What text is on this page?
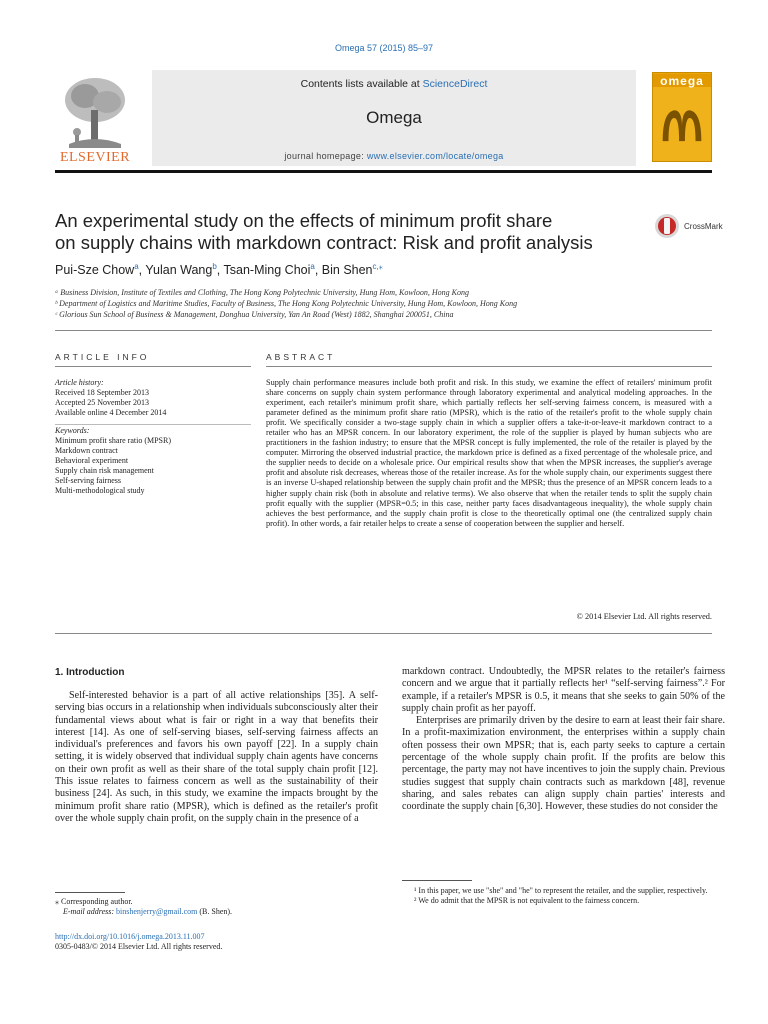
Omega 57 (2015) 85–97
Contents lists available at ScienceDirect
Omega
journal homepage: www.elsevier.com/locate/omega
ELSEVIER
omega
An experimental study on the effects of minimum profit share
on supply chains with markdown contract: Risk and profit analysis
CrossMark
Pui-Sze Chow$^a$, Yulan Wang$^b$, Tsan-Ming Choi$^a$, Bin Shen$^{c,⁎}$
ᵃ Business Division, Institute of Textiles and Clothing, The Hong Kong Polytechnic University, Hung Hom, Kowloon, Hong Kong
ᵇ Department of Logistics and Maritime Studies, Faculty of Business, The Hong Kong Polytechnic University, Hung Hom, Kowloon, Hong Kong
ᶜ Glorious Sun School of Business & Management, Donghua University, Yan An Road (West) 1882, Shanghai 200051, China
ARTICLE INFO	ABSTRACT
Article history:
Received 18 September 2013
Accepted 25 November 2013
Available online 4 December 2014
Keywords:
Minimum profit share ratio (MPSR)
Markdown contract
Behavioral experiment
Supply chain risk management
Self-serving fairness
Multi-methodological study
Supply chain performance measures include both profit and risk. In this study, we examine the effect of retailers' minimum profit share concerns on supply chain system performance through laboratory experimental and analytical modeling approaches. In the experiment, each retailer's minimum profit share, which partially reflects her self-serving fairness concern, is measured with a parameter defined as the minimum profit share ratio (MPSR), which is the ratio of the retailer's profit to the whole supply chain profit. We specifically consider a two-stage supply chain in which a supplier offers a take-it-or-leave-it markdown contract to a retailer who has an MPSR concern. In our laboratory experiment, the role of the supplier is played by human subjects who are practitioners in the fashion industry; to ensure that the MPSR concept is fully implemented, the role of the retailer is played by the computer. Mirroring the observed industrial practice, the markdown price is defined as a fixed percentage of the wholesale price, and the supplier needs to decide on a wholesale price. Our empirical results show that when the MPSR increases, the supplier's average profit and absolute risk decreases, whereas those of the retailer increase. As for the whole supply chain, our experiments suggest there is an inverse U-shaped relationship between the supply chain profit and the MPSR; thus the presence of an MPSR concern leads to a higher supply chain risk (both in absolute and relative terms). We also observe that when the retailer tends to split the supply chain profit equally with the supplier (MPSR=0.5; in this case, neither party faces disadvantageous inequality), the whole supply chain achieves the best performance, and the supply chain profit is close to the theoretically optimal one (the centralized supply chain profit). In other words, a fair retailer helps to create a sense of cooperation between the supplier and herself.
© 2014 Elsevier Ltd. All rights reserved.
1. Introduction
Self-interested behavior is a part of all active relationships [35]. A self-serving bias occurs in a relationship when individuals subconsciously alter their fundamental views about what is fair or right in a way that benefits their interest [14]. As one of self-serving biases, self-serving fairness affects an individual's preferences and favors his own payoff [22]. In a supply chain setting, it is widely observed that individual supply chain agents have concerns on their own profit as well as their share of the total supply chain profit [12]. This issue relates to fairness concern as well as the sustainability of their business [24]. As such, in this study, we examine the impacts brought by the minimum profit share ratio (MPSR), which is defined as the retailer's profit over the whole supply chain profit, on the supply chain in the presence of a

markdown contract. Undoubtedly, the MPSR relates to the retailer's fairness concern and we argue that it partially reflects her¹ “self-serving fairness”.² For example, if a retailer's MPSR is 0.5, it means that she seeks to gain 50% of the supply chain profit as her payoff.

Enterprises are primarily driven by the desire to earn at least their fair share. In a profit-maximization environment, the enterprises within a supply chain often possess their own MPSR; that is, each party seeks to capture a certain percentage of the whole supply chain profit. If the profits are below this percentage, the party may not have incentives to join the supply chain. Previous studies suggest that supply chain contracts such as markdown [48], revenue sharing, and sales rebates can align supply chain parties' interests and coordinate the supply chain [6,30]. However, these studies do not consider the

⁎ Corresponding author.
E-mail address: binshenjerry@gmail.com (B. Shen).
http://dx.doi.org/10.1016/j.omega.2013.11.007
0305-0483/© 2014 Elsevier Ltd. All rights reserved.
¹ In this paper, we use "she" and "he" to represent the retailer, and the supplier, respectively.
² We do admit that the MPSR is not equivalent to the fairness concern.
